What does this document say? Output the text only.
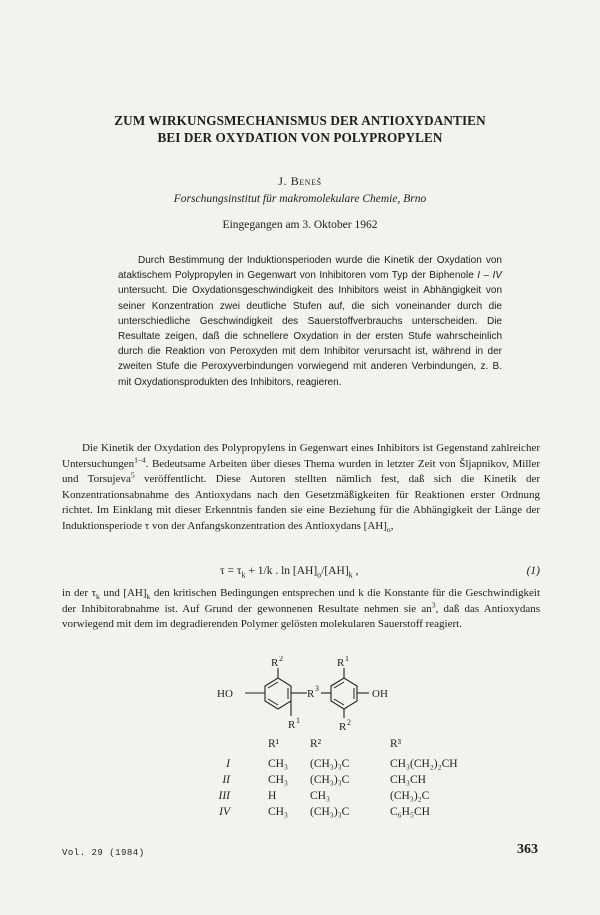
ZUM WIRKUNGSMECHANISMUS DER ANTIOXYDANTIEN
BEI DER OXYDATION VON POLYPROPYLEN
J. Beneš
Forschungsinstitut für makromolekulare Chemie, Brno
Eingegangen am 3. Oktober 1962
Durch Bestimmung der Induktionsperioden wurde die Kinetik der Oxydation von ataktischem Polypropylen in Gegenwart von Inhibitoren vom Typ der Biphenole I – IV untersucht. Die Oxydationsgeschwindigkeit des Inhibitors weist in Abhängigkeit von seiner Konzentration zwei deutliche Stufen auf, die sich voneinander durch die unterschiedliche Geschwindigkeit des Sauerstoffverbrauchs unterscheiden. Die Resultate zeigen, daß die schnellere Oxydation in der ersten Stufe wahrscheinlich durch die Reaktion von Peroxyden mit dem Inhibitor verursacht ist, während in der zweiten Stufe die Peroxyverbindungen vorwiegend mit anderen Verbindungen, z. B. mit Oxydationsprodukten des Inhibitors, reagieren.
Die Kinetik der Oxydation des Polypropylens in Gegenwart eines Inhibitors ist Gegenstand zahlreicher Untersuchungen$^{1-4}$. Bedeutsame Arbeiten über dieses Thema wurden in letzter Zeit von Šljapnikov, Miller und Torsujeva$^5$ veröffentlicht. Diese Autoren stellten nämlich fest, daß sich die Kinetik der Konzentrationsabnahme des Antioxydans nach den Gesetzmäßigkeiten für Reaktionen erster Ordnung richtet. Im Einklang mit dieser Erkenntnis fanden sie eine Beziehung für die Abhängigkeit der Länge der Induktionsperiode τ von der Anfangskonzentration des Antioxydans $[AH]_o$,
$\tau = \tau_k + 1/k$ . $\ln [AH]_o/[AH]_k$ ,	(1)
in der $\tau_k$ und $[AH]_k$ den kritischen Bedingungen entsprechen und k die Konstante für die Geschwindigkeit der Inhibitorabnahme ist. Auf Grund der gewonnenen Resultate nehmen sie $an^3$, daß das Antioxydans vorwiegend mit dem im degradierenden Polymer gelösten molekularen Sauerstoff reagiert.
HO	OH
R 2
R 1
R 3
R 1
R 2
	R¹	R²	R³
I	CH₃	(CH₃)₃C	CH₃(CH₂)₂CH
II	CH₃	(CH₃)₃C	CH₃CH
III	H	CH₃	(CH₃)₂C
IV	CH₃	(CH₃)₃C	C₆H₅CH
Vol. 29 (1984)	363
